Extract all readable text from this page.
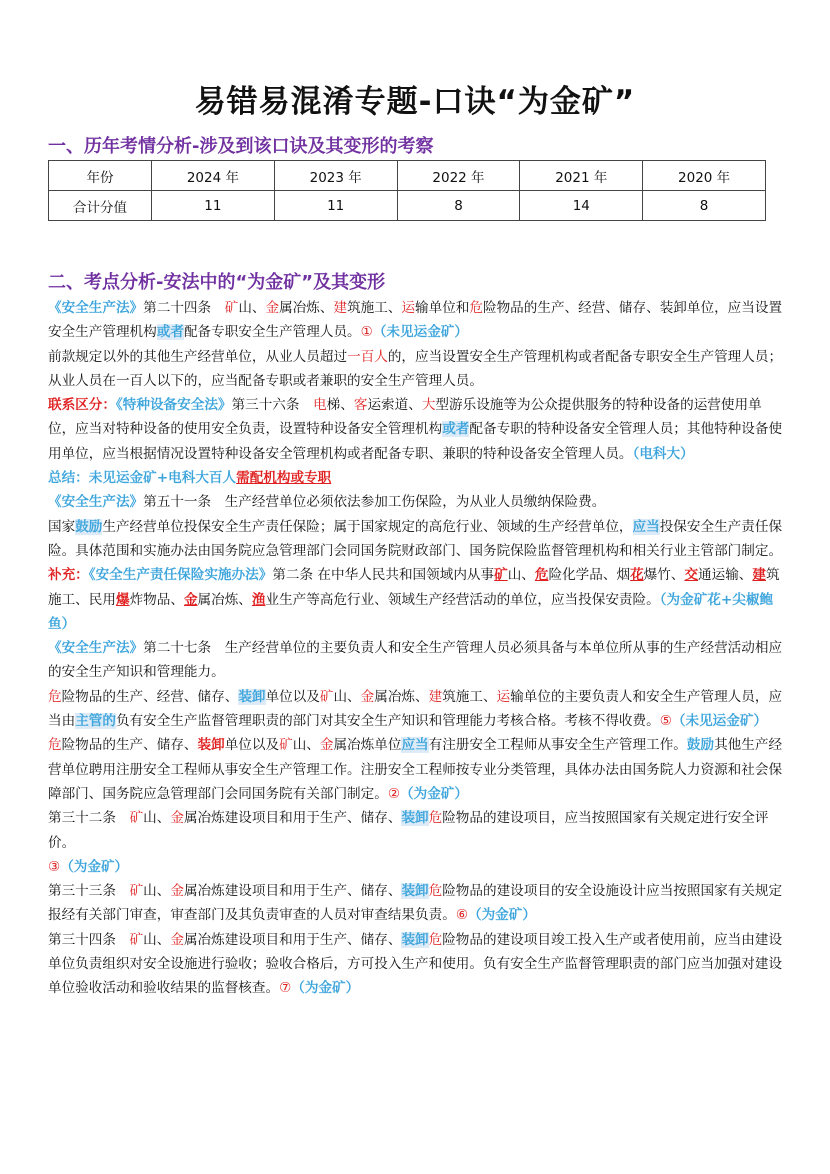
易错易混淆专题-口诀“为金矿”
一、历年考情分析-涉及到该口诀及其变形的考察
年份	2024 年	2023 年	2022 年	2021 年	2020 年
合计分值	11	11	8	14	8
二、考点分析-安法中的“为金矿”及其变形

《安全生产法》第二十四条　矿山、金属冶炼、建筑施工、运输单位和危险物品的生产、经营、储存、装卸单位，应当设置安全生产管理机构或者配备专职安全生产管理人员。①（未见运金矿）

前款规定以外的其他生产经营单位，从业人员超过一百人的，应当设置安全生产管理机构或者配备专职安全生产管理人员；从业人员在一百人以下的，应当配备专职或者兼职的安全生产管理人员。

联系区分：《特种设备安全法》第三十六条　电梯、客运索道、大型游乐设施等为公众提供服务的特种设备的运营使用单位，应当对特种设备的使用安全负责，设置特种设备安全管理机构或者配备专职的特种设备安全管理人员；其他特种设备使用单位，应当根据情况设置特种设备安全管理机构或者配备专职、兼职的特种设备安全管理人员。（电科大）

总结：未见运金矿+电科大百人需配机构或专职

《安全生产法》第五十一条　生产经营单位必须依法参加工伤保险，为从业人员缴纳保险费。

国家鼓励生产经营单位投保安全生产责任保险；属于国家规定的高危行业、领域的生产经营单位，应当投保安全生产责任保险。具体范围和实施办法由国务院应急管理部门会同国务院财政部门、国务院保险监督管理机构和相关行业主管部门制定。

补充：《安全生产责任保险实施办法》第二条 在中华人民共和国领域内从事矿山、危险化学品、烟花爆竹、交通运输、建筑施工、民用爆炸物品、金属冶炼、渔业生产等高危行业、领域生产经营活动的单位，应当投保安责险。（为金矿花+尖椒鲍鱼）

《安全生产法》第二十七条　生产经营单位的主要负责人和安全生产管理人员必须具备与本单位所从事的生产经营活动相应的安全生产知识和管理能力。

危险物品的生产、经营、储存、装卸单位以及矿山、金属冶炼、建筑施工、运输单位的主要负责人和安全生产管理人员，应当由主管的负有安全生产监督管理职责的部门对其安全生产知识和管理能力考核合格。考核不得收费。⑤（未见运金矿）

危险物品的生产、储存、装卸单位以及矿山、金属冶炼单位应当有注册安全工程师从事安全生产管理工作。鼓励其他生产经营单位聘用注册安全工程师从事安全生产管理工作。注册安全工程师按专业分类管理，具体办法由国务院人力资源和社会保障部门、国务院应急管理部门会同国务院有关部门制定。②（为金矿）

第三十二条　矿山、金属冶炼建设项目和用于生产、储存、装卸危险物品的建设项目，应当按照国家有关规定进行安全评价。

③（为金矿）

第三十三条　矿山、金属冶炼建设项目和用于生产、储存、装卸危险物品的建设项目的安全设施设计应当按照国家有关规定报经有关部门审查，审查部门及其负责审查的人员对审查结果负责。⑥（为金矿）

第三十四条　矿山、金属冶炼建设项目和用于生产、储存、装卸危险物品的建设项目竣工投入生产或者使用前，应当由建设单位负责组织对安全设施进行验收；验收合格后，方可投入生产和使用。负有安全生产监督管理职责的部门应当加强对建设单位验收活动和验收结果的监督核查。⑦（为金矿）
